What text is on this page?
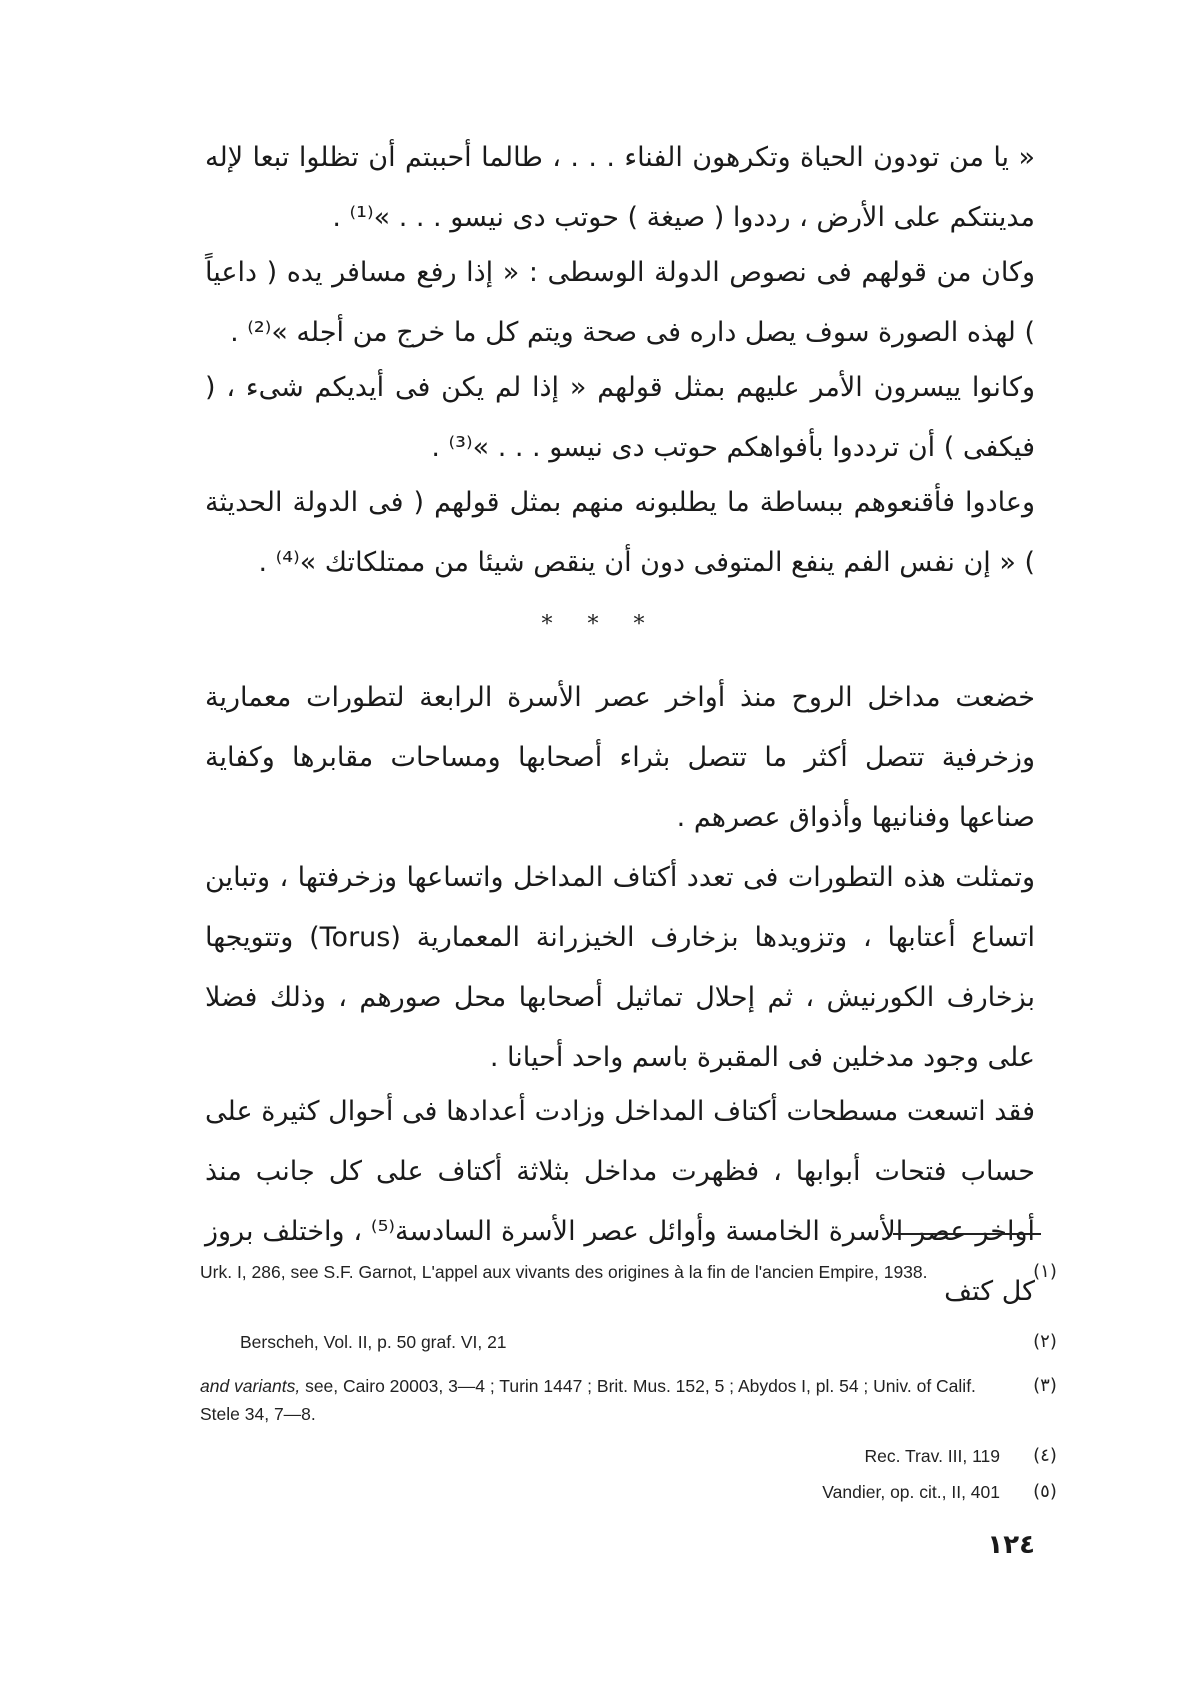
« يا من تودون الحياة وتكرهون الفناء . . . ، طالما أحببتم أن تظلوا تبعا لإله مدينتكم على الأرض ، رددوا ( صيغة ) حوتب دى نيسو . . . »⁽¹⁾ .

وكان من قولهم فى نصوص الدولة الوسطى : « إذا رفع مسافر يده ( داعياً ) لهذه الصورة سوف يصل داره فى صحة ويتم كل ما خرج من أجله »⁽²⁾ .

وكانوا ييسرون الأمر عليهم بمثل قولهم « إذا لم يكن فى أيديكم شىء ، ( فيكفى ) أن ترددوا بأفواهكم حوتب دى نيسو . . . »⁽³⁾ .

وعادوا فأقنعوهم ببساطة ما يطلبونه منهم بمثل قولهم ( فى الدولة الحديثة ) « إن نفس الفم ينفع المتوفى دون أن ينقص شيئا من ممتلكاتك »⁽⁴⁾ .

* * *

خضعت مداخل الروح منذ أواخر عصر الأسرة الرابعة لتطورات معمارية وزخرفية تتصل أكثر ما تتصل بثراء أصحابها ومساحات مقابرها وكفاية صناعها وفنانيها وأذواق عصرهم .

وتمثلت هذه التطورات فى تعدد أكتاف المداخل واتساعها وزخرفتها ، وتباين اتساع أعتابها ، وتزويدها بزخارف الخيزرانة المعمارية (Torus) وتتويجها بزخارف الكورنيش ، ثم إحلال تماثيل أصحابها محل صورهم ، وذلك فضلا على وجود مدخلين فى المقبرة باسم واحد أحيانا .

فقد اتسعت مسطحات أكتاف المداخل وزادت أعدادها فى أحوال كثيرة على حساب فتحات أبوابها ، فظهرت مداخل بثلاثة أكتاف على كل جانب منذ أواخر عصر الأسرة الخامسة وأوائل عصر الأسرة السادسة⁽⁵⁾ ، واختلف بروز كل كتف

Urk. I, 286, see S.F. Garnot, L'appel aux vivants des origines à la fin de l'ancien Empire, 1938.	(١)
Berscheh, Vol. II, p. 50 graf. VI, 21	(٢)
and variants, see, Cairo 20003, 3—4 ; Turin 1447 ; Brit. Mus. 152, 5 ; Abydos I, pl. 54 ; Univ. of Calif. Stele 34, 7—8.
(٣)
Rec. Trav. III, 119	(٤)
Vandier, op. cit., II, 401	(٥)
١٢٤
